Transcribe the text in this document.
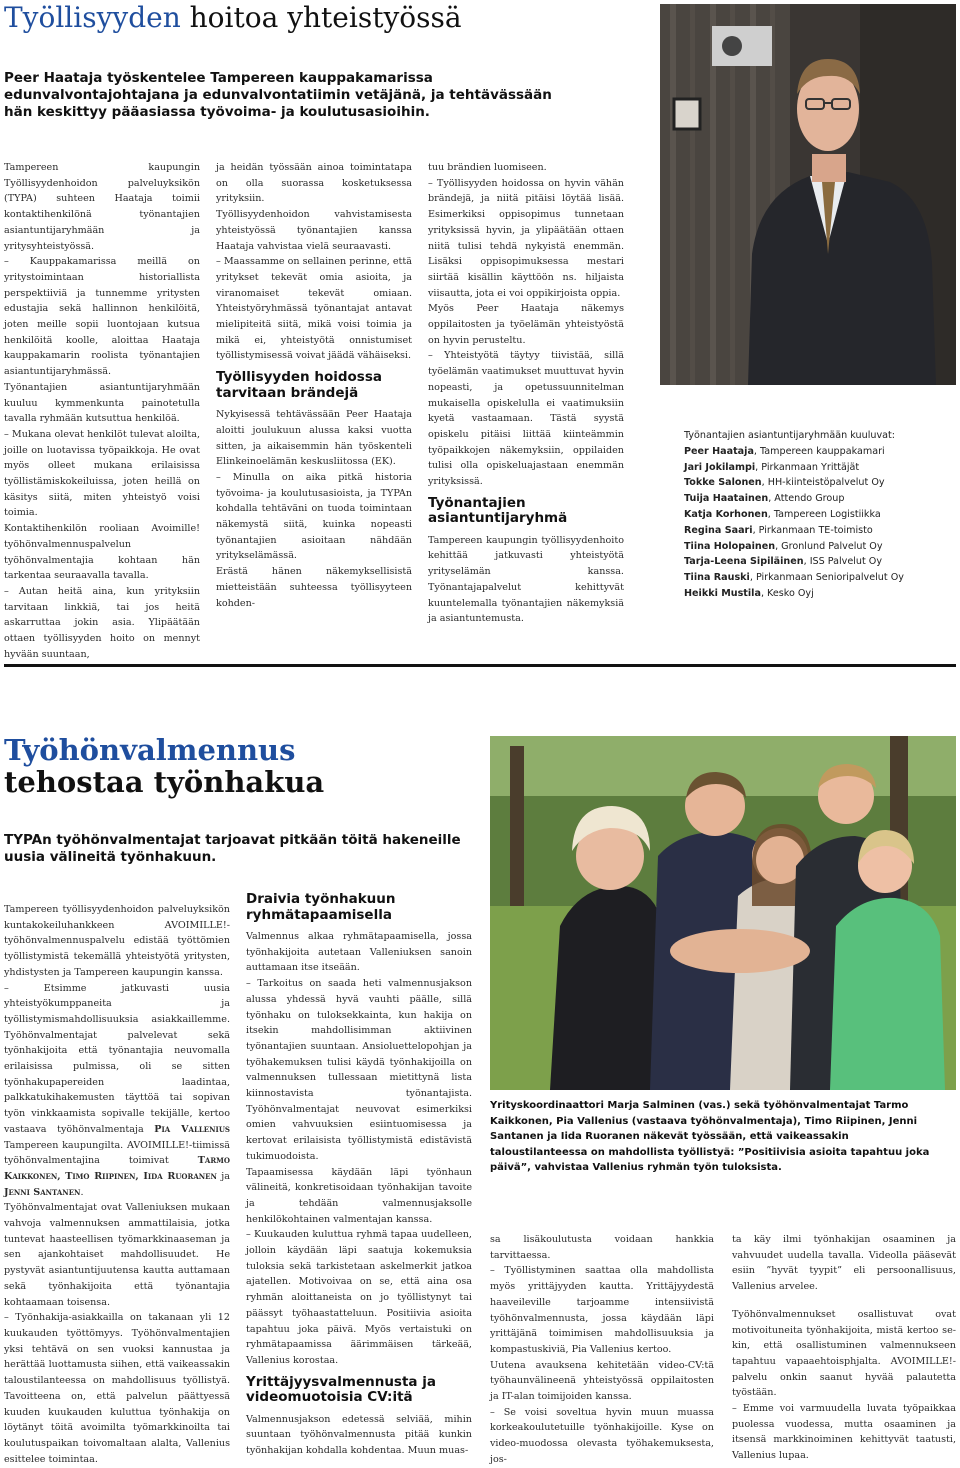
Työllisyyden hoitoa yhteistyössä
Peer Haataja työskentelee Tampereen kauppakamarissa edunvalvontajohtajana ja edunvalvontatiimin vetäjänä, ja tehtävässään hän keskittyy pääasiassa työvoima- ja koulutusasioihin.

Tampereen kaupungin Työllisyydenhoidon palveluyksikön (TYPA) suhteen Haataja toimii kontaktihenkilönä työnantajien asiantuntijaryhmään ja yritysyhteistyössä.

– Kauppakamarissa meillä on yritystoimintaan historiallista perspektiiviä ja tunnemme yritysten edustajia sekä hallinnon henkilöitä, joten meille sopii luontojaan kutsua henkilöitä koolle, aloittaa Haataja kauppakamarin roolista työnantajien asiantuntijaryhmässä.

Työnantajien asiantuntijaryhmään kuuluu kymmenkunta painotetulla tavalla ryhmään kutsuttua henkilöä.

– Mukana olevat henkilöt tulevat aloilta, joille on luotavissa työpaikkoja. He ovat myös olleet mukana erilaisissa työllistämiskokeiluissa, joten heillä on käsitys siitä, miten yhteistyö voisi toimia.

Kontaktihenkilön rooliaan Avoimille! työhönvalmennuspalvelun työhönvalmentajia kohtaan hän tarkentaa seuraavalla tavalla.

– Autan heitä aina, kun yrityksiin tarvitaan linkkiä, tai jos heitä askarruttaa jokin asia. Ylipäätään ottaen työllisyyden hoito on mennyt hyvään suuntaan,

ja heidän työssään ainoa toimintatapa on olla suorassa kosketuksessa yrityksiin.

Työllisyydenhoidon vahvistamisesta yhteistyössä työnantajien kanssa Haataja vahvistaa vielä seuraavasti.

– Maassamme on sellainen perinne, että yritykset tekevät omia asioita, ja viranomaiset tekevät omiaan. Yhteistyöryhmässä työnantajat antavat mielipiteitä siitä, mikä voisi toimia ja mikä ei, yhteistyötä onnistumiset työllistymisessä voivat jäädä vähäiseksi.

Työllisyyden hoidossa tarvitaan brändejä

Nykyisessä tehtävässään Peer Haataja aloitti joulukuun alussa kaksi vuotta sitten, ja aikaisemmin hän työskenteli Elinkeinoelämän keskusliitossa (EK).

– Minulla on aika pitkä historia työvoima- ja koulutusasioista, ja TYPAn kohdalla tehtäväni on tuoda toimintaan näkemystä siitä, kuinka nopeasti työnantajien asioitaan nähdään yritykselämässä.

Erästä hänen näkemyksellisistä mietteistään suhteessa työllisyyteen kohden-

tuu brändien luomiseen.

– Työllisyyden hoidossa on hyvin vähän brändejä, ja niitä pitäisi löytää lisää. Esimerkiksi oppisopimus tunnetaan yrityksissä hyvin, ja ylipäätään ottaen niitä tulisi tehdä nykyistä enemmän. Lisäksi oppisopimuksessa mestari siirtää kisällin käyttöön ns. hiljaista viisautta, jota ei voi oppikirjoista oppia.

Myös Peer Haataja näkemys oppilaitosten ja työelämän yhteistyöstä on hyvin perusteltu.

– Yhteistyötä täytyy tiivistää, sillä työelämän vaatimukset muuttuvat hyvin nopeasti, ja opetussuunnitelman mukaisella opiskelulla ei vaatimuksiin kyetä vastaamaan. Tästä syystä opiskelu pitäisi liittää kiinteämmin työpaikkojen näkemyksiin, oppilaiden tulisi olla opiskeluajastaan enemmän yrityksissä.

Työnantajien asiantuntijaryhmä

Tampereen kaupungin työllisyydenhoito kehittää jatkuvasti yhteistyötä yrityselämän kanssa. Työnantajapalvelut kehittyvät kuuntelemalla työnantajien näkemyksiä ja asiantuntemusta.

Työnantajien asiantuntijaryhmään kuuluvat:
Peer Haataja, Tampereen kauppakamari
Jari Jokilampi, Pirkanmaan Yrittäjät
Tokke Salonen, HH-kiinteistöpalvelut Oy
Tuija Haatainen, Attendo Group
Katja Korhonen, Tampereen Logistiikka
Regina Saari, Pirkanmaan TE-toimisto
Tiina Holopainen, Gronlund Palvelut Oy
Tarja-Leena Sipiläinen, ISS Palvelut Oy
Tiina Rauski, Pirkanmaan Senioripalvelut Oy
Heikki Mustila, Kesko Oyj
Työhönvalmennus
tehostaa työnhakua
TYPAn työhönvalmentajat tarjoavat pitkään töitä hakeneille uusia välineitä työnhakuun.
Yrityskoordinaattori Marja Salminen (vas.) sekä työhönvalmentajat Tarmo Kaikkonen, Pia Vallenius (vastaava työhönvalmentaja), Timo Riipinen, Jenni Santanen ja Iida Ruoranen näkevät työssään, että vaikeassakin taloustilanteessa on mahdollista työllistyä: ”Positiivisia asioita tapahtuu joka päivä”, vahvistaa Vallenius ryhmän työn tuloksista.

Tampereen työllisyydenhoidon palveluyksikön kuntakokeiluhankkeen AVOIMILLE!- työhönvalmennuspalvelu edistää työttömien työllistymistä tekemällä yhteistyötä yritysten, yhdistysten ja Tampereen kaupungin kanssa.

– Etsimme jatkuvasti uusia yhteistyökumppaneita ja työllistymismahdollisuuksia asiakkaillemme. Työhönvalmentajat palvelevat sekä työnhakijoita että työnantajia neuvomalla erilaisissa pulmissa, oli se sitten työnhakupapereiden laadintaa, palkkatukihakemusten täyttöä tai sopivan työn vinkkaamista sopivalle tekijälle, kertoo vastaava työhönvalmentaja Pia Vallenius Tampereen kaupungilta. AVOIMILLE!-tiimissä työhönvalmentajina toimivat Tarmo Kaikkonen, Timo Riipinen, Iida Ruoranen ja Jenni Santanen.

Työhönvalmentajat ovat Valleniuksen mukaan vahvoja valmennuksen ammattilaisia, jotka tuntevat haasteellisen työmarkkinaaseman ja sen ajankohtaiset mahdollisuudet. He pystyvät asiantuntijuutensa kautta auttamaan sekä työnhakijoita että työnantajia kohtaamaan toisensa.

– Työnhakija-asiakkailla on takanaan yli 12 kuukauden työttömyys. Työhönvalmentajien yksi tehtävä on sen vuoksi kannustaa ja herättää luottamusta siihen, että vaikeassakin taloustilanteessa on mahdollisuus työllistyä. Tavoitteena on, että palvelun päättyessä kuuden kuukauden kuluttua työnhakija on löytänyt töitä avoimilta työmarkkinoilta tai koulutuspaikan toivomaltaan alalta, Vallenius esittelee toimintaa.

Draivia työnhakuun ryhmätapaamisella

Valmennus alkaa ryhmätapaamisella, jossa työnhakijoita autetaan Valleniuksen sanoin auttamaan itse itseään.

– Tarkoitus on saada heti valmennusjakson alussa yhdessä hyvä vauhti päälle, sillä työnhaku on tuloksekkainta, kun hakija on itsekin mahdollisimman aktiivinen työnantajien suuntaan. Ansioluettelopohjan ja työhakemuksen tulisi käydä työnhakijoilla on valmennuksen tullessaan mietittynä lista kiinnostavista työnantajista. Työhönvalmentajat neuvovat esimerkiksi omien vahvuuksien esiintuomisessa ja kertovat erilaisista työllistymistä edistävistä tukimuodoista.

Tapaamisessa käydään läpi työnhaun välineitä, konkretisoidaan työnhakijan tavoite ja tehdään valmennusjaksolle henkilökohtainen valmentajan kanssa.

– Kuukauden kuluttua ryhmä tapaa uudelleen, jolloin käydään läpi saatuja kokemuksia tuloksia sekä tarkistetaan askelmerkit jatkoa ajatellen. Motivoivaa on se, että aina osa ryhmän aloittaneista on jo työllistynyt tai päässyt työhaastatteluun. Positiivia asioita tapahtuu joka päivä. Myös vertaistuki on ryhmätapaamissa äärimmäisen tärkeää, Vallenius korostaa.

Yrittäjyysvalmennusta ja videomuotoisia CV:itä

Valmennusjakson edetessä selviää, mihin suuntaan työhönvalmennusta pitää kunkin työnhakijan kohdalla kohdentaa. Muun muas-

sa lisäkoulutusta voidaan hankkia tarvittaessa.

– Työllistyminen saattaa olla mahdollista myös yrittäjyyden kautta. Yrittäjyydestä haaveileville tarjoamme intensiivistä työhönvalmennusta, jossa käydään läpi yrittäjänä toimimisen mahdollisuuksia ja kompastuskiviä, Pia Vallenius kertoo.

Uutena avauksena kehitetään video-CV:tä työhaunvälineenä yhteistyössä oppilaitosten ja IT-alan toimijoiden kanssa.

– Se voisi soveltua hyvin muun muassa korkeakoulutetuille työnhakijoille. Kyse on video-muodossa olevasta työhakemuksesta, jos-

ta käy ilmi työnhakijan osaaminen ja vahvuudet uudella tavalla. Videolla pääsevät esiin ”hyvät tyypit” eli persoonallisuus, Vallenius arvelee.

Työhönvalmennukset osallistuvat ovat motivoituneita työnhakijoita, mistä kertoo se-kin, että osallistuminen valmennukseen tapahtuu vapaaehtoisphjalta. AVOIMILLE!-palvelu onkin saanut hyvää palautetta työstään.

– Emme voi varmuudella luvata työpaikkaa puolessa vuodessa, mutta osaaminen ja itsensä markkinoiminen kehittyvät taatusti, Vallenius lupaa.
